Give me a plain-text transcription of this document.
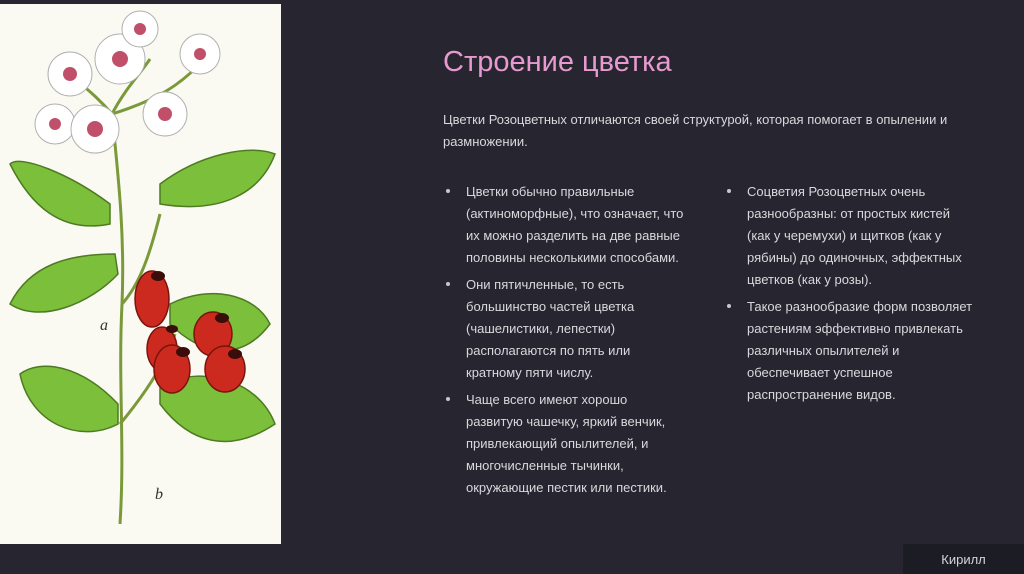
a
b
Строение цветка

Цветки Розоцветных отличаются своей структурой, которая помогает в опылении и размножении.

Цветки обычно правильные (актиноморфные), что означает, что их можно разделить на две равные половины несколькими способами.
Они пятичленные, то есть большинство частей цветка (чашелистики, лепестки) располагаются по пять или кратному пяти числу.
Чаще всего имеют хорошо развитую чашечку, яркий венчик, привлекающий опылителей, и многочисленные тычинки, окружающие пестик или пестики.
Соцветия Розоцветных очень разнообразны: от простых кистей (как у черемухи) и щитков (как у рябины) до одиночных, эффектных цветков (как у розы).
Такое разнообразие форм позволяет растениям эффективно привлекать различных опылителей и обеспечивает успешное распространение видов.
Кирилл
